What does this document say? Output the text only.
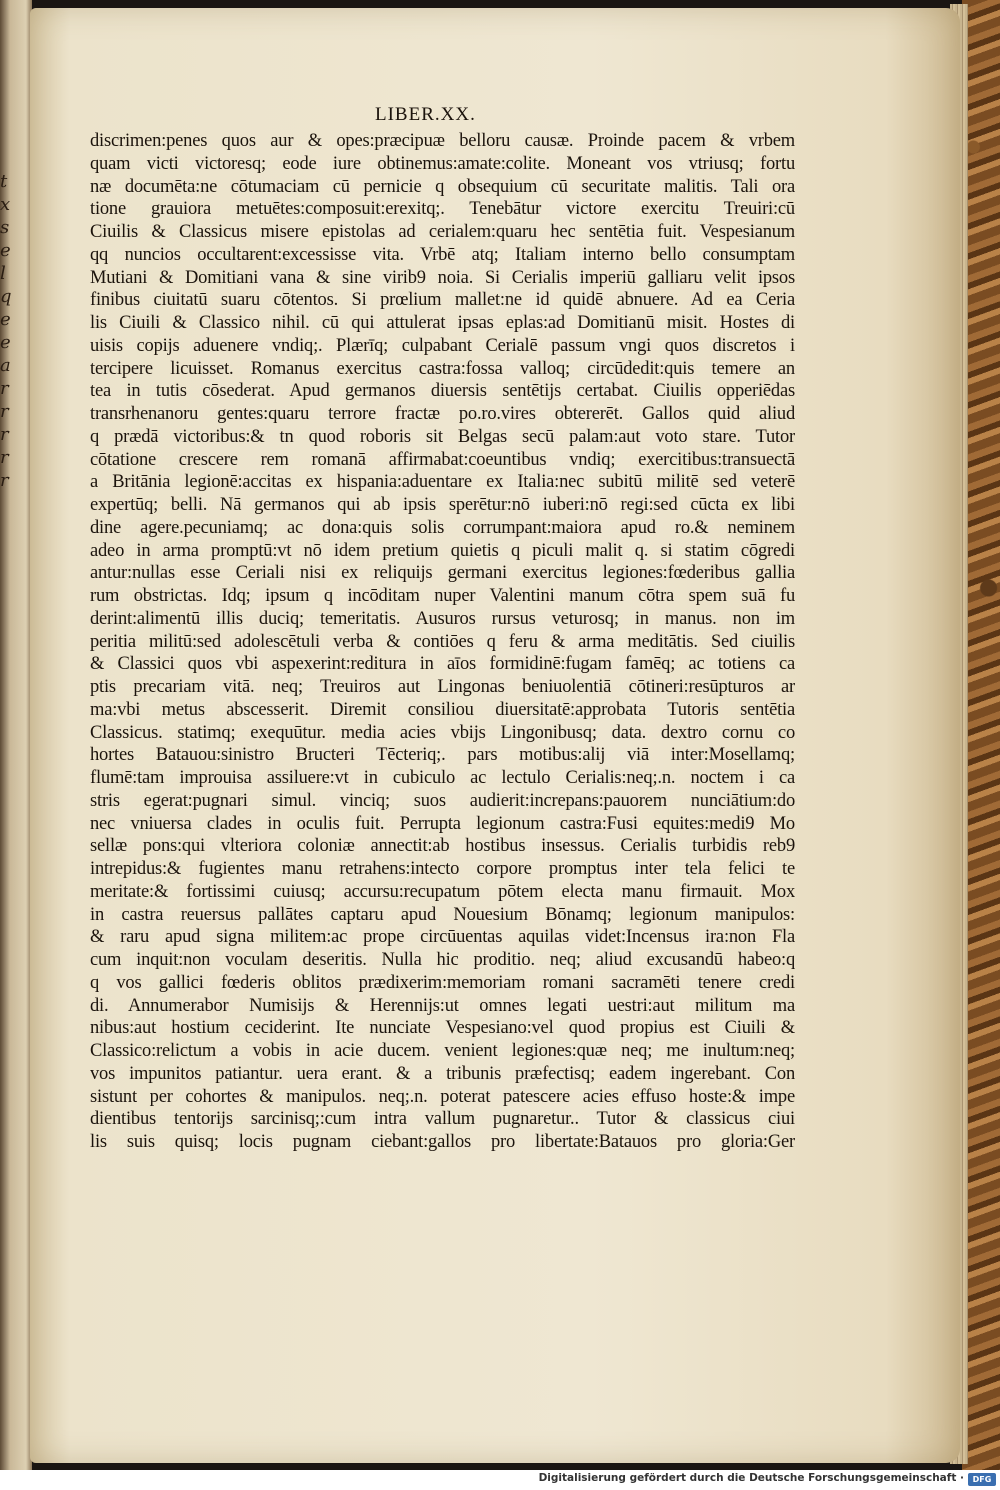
t
x
s
e
l
q
e
e
a
r
r
r
r
r
LIBER.XX.
discrimen:penes quos aur & opes:præcipuæ belloru causæ. Proinde pacem & vrbem
quam victi victoresq; eode iure obtinemus:amate:colite. Moneant vos vtriusq; fortu
næ documēta:ne cōtumaciam cū pernicie q obsequium cū securitate malitis. Tali ora
tione grauiora metuētes:composuit:erexitq;. Tenebātur victore exercitu Treuiri:cū
Ciuilis & Classicus misere epistolas ad cerialem:quaru hec sentētia fuit. Vespesianum
qq nuncios occultarent:excessisse vita. Vrbē atq; Italiam interno bello consumptam
Mutiani & Domitiani vana & sine virib9 noia. Si Cerialis imperiū galliaru velit ipsos
finibus ciuitatū suaru cōtentos. Si prœlium mallet:ne id quidē abnuere. Ad ea Ceria
lis Ciuili & Classico nihil. cū qui attulerat ipsas eplas:ad Domitianū misit. Hostes di
uisis copijs aduenere vndiq;. Plærīq; culpabant Cerialē passum vngi quos discretos i
tercipere licuisset. Romanus exercitus castra:fossa valloq; circūdedit:quis temere an
tea in tutis cōsederat. Apud germanos diuersis sentētijs certabat. Ciuilis opperiēdas
transrhenanoru gentes:quaru terrore fractæ po.ro.vires obtererēt. Gallos quid aliud
q prædā victoribus:& tn quod roboris sit Belgas secū palam:aut voto stare. Tutor
cōtatione crescere rem romanā affirmabat:coeuntibus vndiq; exercitibus:transuectā
a Britānia legionē:accitas ex hispania:aduentare ex Italia:nec subitū militē sed veterē
expertūq; belli. Nā germanos qui ab ipsis sperētur:nō iuberi:nō regi:sed cūcta ex libi
dine agere.pecuniamq; ac dona:quis solis corrumpant:maiora apud ro.& neminem
adeo in arma promptū:vt nō idem pretium quietis q piculi malit q. si statim cōgredi
antur:nullas esse Ceriali nisi ex reliquijs germani exercitus legiones:fœderibus gallia
rum obstrictas. Idq; ipsum q incōditam nuper Valentini manum cōtra spem suā fu
derint:alimentū illis duciq; temeritatis. Ausuros rursus veturosq; in manus. non im
peritia militū:sed adolescētuli verba & contiōes q feru & arma meditātis. Sed ciuilis
& Classici quos vbi aspexerint:reditura in aīos formidinē:fugam famēq; ac totiens ca
ptis precariam vitā. neq; Treuiros aut Lingonas beniuolentiā cōtineri:resūpturos ar
ma:vbi metus abscesserit. Diremit consiliou diuersitatē:approbata Tutoris sentētia
Classicus. statimq; exequūtur. media acies vbijs Lingonibusq; data. dextro cornu co
hortes Batauou:sinistro Bructeri Tēcteriq;. pars motibus:alij viā inter:Mosellamq;
flumē:tam improuisa assiluere:vt in cubiculo ac lectulo Cerialis:neq;.n. noctem i ca
stris egerat:pugnari simul. vinciq; suos audierit:increpans:pauorem nunciātium:do
nec vniuersa clades in oculis fuit. Perrupta legionum castra:Fusi equites:medi9 Mo
sellæ pons:qui vlteriora coloniæ annectit:ab hostibus insessus. Cerialis turbidis reb9
intrepidus:& fugientes manu retrahens:intecto corpore promptus inter tela felici te
meritate:& fortissimi cuiusq; accursu:recupatum pōtem electa manu firmauit. Mox
in castra reuersus pallātes captaru apud Nouesium Bōnamq; legionum manipulos:
& raru apud signa militem:ac prope circūuentas aquilas videt:Incensus ira:non Fla
cum inquit:non voculam deseritis. Nulla hic proditio. neq; aliud excusandū habeo:q
q vos gallici fœderis oblitos prædixerim:memoriam romani sacramēti tenere credi
di. Annumerabor Numisijs & Herennijs:ut omnes legati uestri:aut militum ma
nibus:aut hostium ceciderint. Ite nunciate Vespesiano:vel quod propius est Ciuili &
Classico:relictum a vobis in acie ducem. venient legiones:quæ neq; me inultum:neq;
vos impunitos patiantur. uera erant. & a tribunis præfectisq; eadem ingerebant. Con
sistunt per cohortes & manipulos. neq;.n. poterat patescere acies effuso hoste:& impe
dientibus tentorijs sarcinisq;:cum intra vallum pugnaretur.. Tutor & classicus ciui
lis suis quisq; locis pugnam ciebant:gallos pro libertate:Batauos pro gloria:Ger
Digitalisierung gefördert durch die Deutsche Forschungsgemeinschaft ·	DFG
